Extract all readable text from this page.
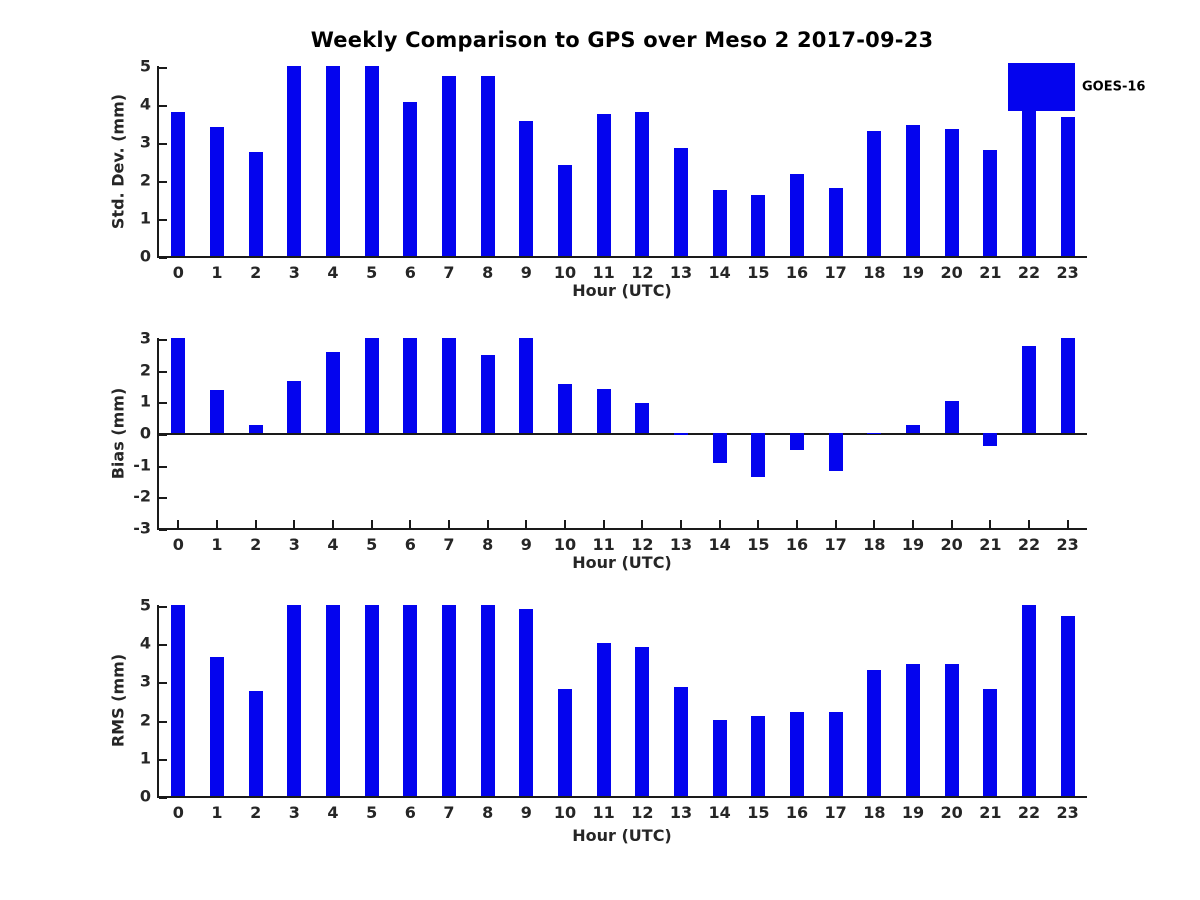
Weekly Comparison to GPS over Meso 2 2017-09-23
Std. Dev. (mm)
0
1
2
3
4
5
0 1 2 3 4 5 6 7 8 9 10 11 12 13 14 15 16 17 18 19 20 21 22 23
Hour (UTC)
Bias (mm)
-3
-2
-1
0
1
2
3
0 1 2 3 4 5 6 7 8 9 10 11 12 13 14 15 16 17 18 19 20 21 22 23
Hour (UTC)
RMS (mm)
0
1
2
3
4
5
0 1 2 3 4 5 6 7 8 9 10 11 12 13 14 15 16 17 18 19 20 21 22 23
Hour (UTC)
GOES-16
